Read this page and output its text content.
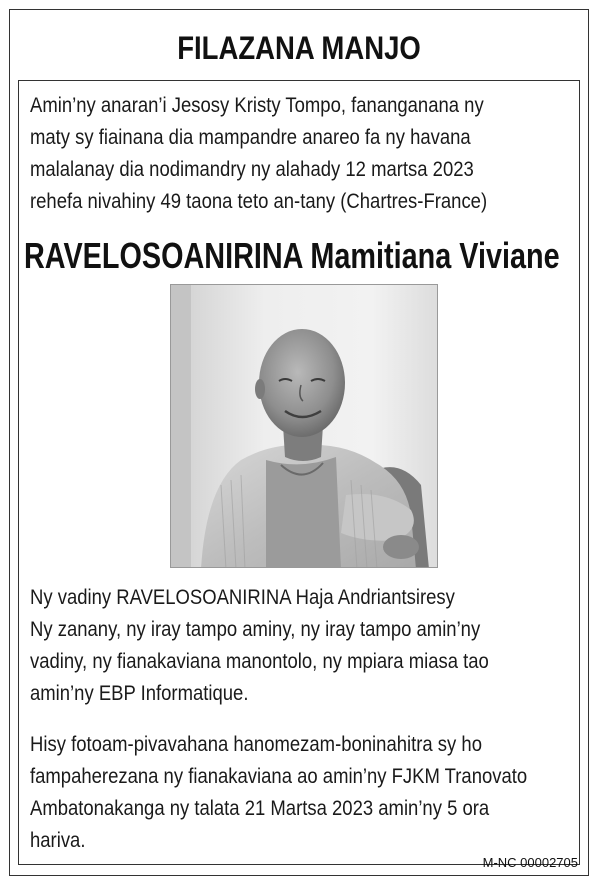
FILAZANA MANJO
Amin’ny anaran’i Jesosy Kristy Tompo, fananganana ny
maty sy fiainana dia mampandre anareo fa ny havana
malalanay dia nodimandry ny alahady 12 martsa 2023
rehefa nivahiny 49 taona teto an-tany (Chartres-France)
RAVELOSOANIRINA Mamitiana Viviane
Ny vadiny RAVELOSOANIRINA Haja Andriantsiresy
Ny zanany, ny iray tampo aminy, ny iray tampo amin’ny
vadiny, ny fianakaviana manontolo, ny mpiara miasa tao
amin’ny EBP Informatique.
Hisy fotoam-pivavahana hanomezam-boninahitra sy ho
fampaherezana ny fianakaviana ao amin’ny FJKM Tranovato
Ambatonakanga ny talata 21 Martsa 2023 amin’ny 5 ora
hariva.
M-NC 00002705
